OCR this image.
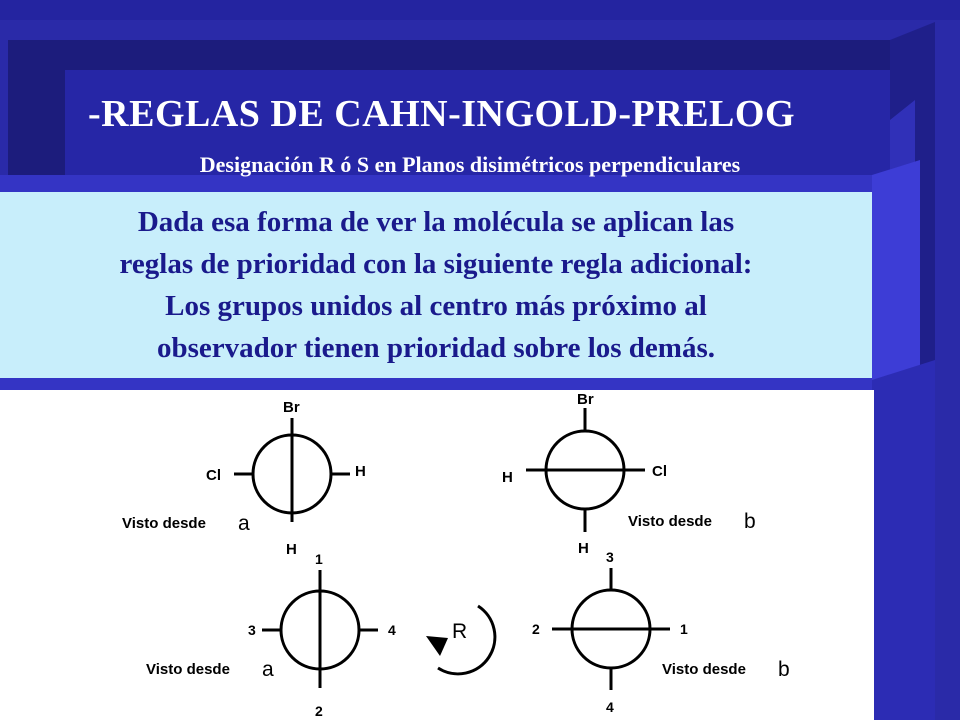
-REGLAS DE CAHN-INGOLD-PRELOG
Designación R ó S en Planos disimétricos perpendiculares
Dada esa forma de ver la molécula se aplican las
reglas de prioridad con la siguiente regla adicional:
Los grupos unidos al centro más próximo al
observador tienen prioridad sobre los demás.
Br
Cl	H
H
Visto desde a
Br
H	Cl
H
Visto desde b
1
3	4
2
Visto desde a
R
3
2	1
4
Visto desde b
